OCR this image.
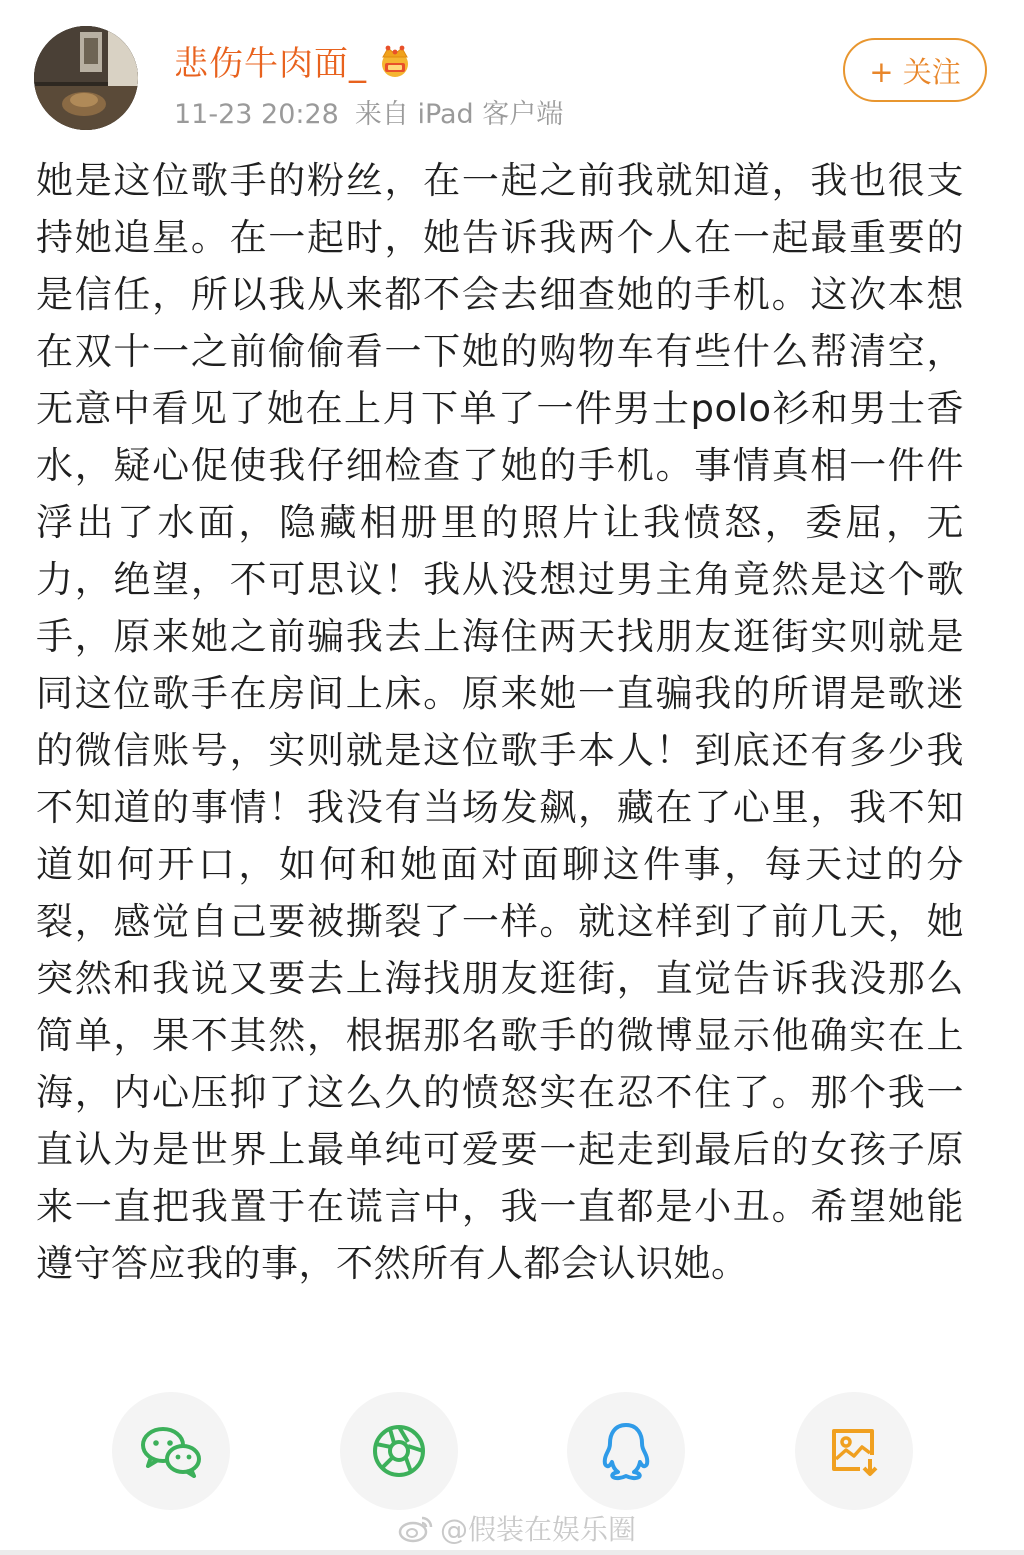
悲伤牛肉面_
11-23 20:28 来自 iPad 客户端
+ 关注
她是这位歌手的粉丝，在一起之前我就知道，我也很支持她追星。在一起时，她告诉我两个人在一起最重要的是信任，所以我从来都不会去细查她的手机。这次本想在双十一之前偷偷看一下她的购物车有些什么帮清空，无意中看见了她在上月下单了一件男士polo衫和男士香水，疑心促使我仔细检查了她的手机。事情真相一件件浮出了水面，隐藏相册里的照片让我愤怒，委屈，无力，绝望，不可思议！我从没想过男主角竟然是这个歌手，原来她之前骗我去上海住两天找朋友逛街实则就是同这位歌手在房间上床。原来她一直骗我的所谓是歌迷的微信账号，实则就是这位歌手本人！到底还有多少我不知道的事情！我没有当场发飙，藏在了心里，我不知道如何开口，如何和她面对面聊这件事，每天过的分裂，感觉自己要被撕裂了一样。就这样到了前几天，她突然和我说又要去上海找朋友逛街，直觉告诉我没那么简单，果不其然，根据那名歌手的微博显示他确实在上海，内心压抑了这么久的愤怒实在忍不住了。那个我一直认为是世界上最单纯可爱要一起走到最后的女孩子原来一直把我置于在谎言中，我一直都是小丑。希望她能遵守答应我的事，不然所有人都会认识她。
@假装在娱乐圈
